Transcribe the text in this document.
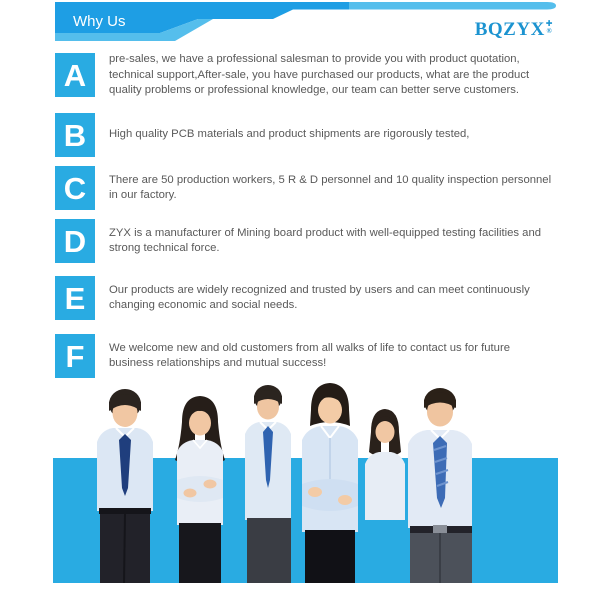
Why Us	BQZYX ✚
®
A	pre-sales, we have a professional salesman to provide you with product quotation, technical support,After-sale, you have purchased our products, what are the product quality problems or professional knowledge, our team can better serve customers.
B	High quality PCB materials and product shipments are rigorously tested,
C	There are 50 production workers, 5 R & D personnel and 10 quality inspection personnel in our factory.
D	ZYX is a manufacturer of Mining board product with well-equipped testing facilities and strong technical force.
E	Our products are widely recognized and trusted by users and can meet continuously changing economic and social needs.
F	We welcome new and old customers from all walks of life to contact us for future business relationships and mutual success!
